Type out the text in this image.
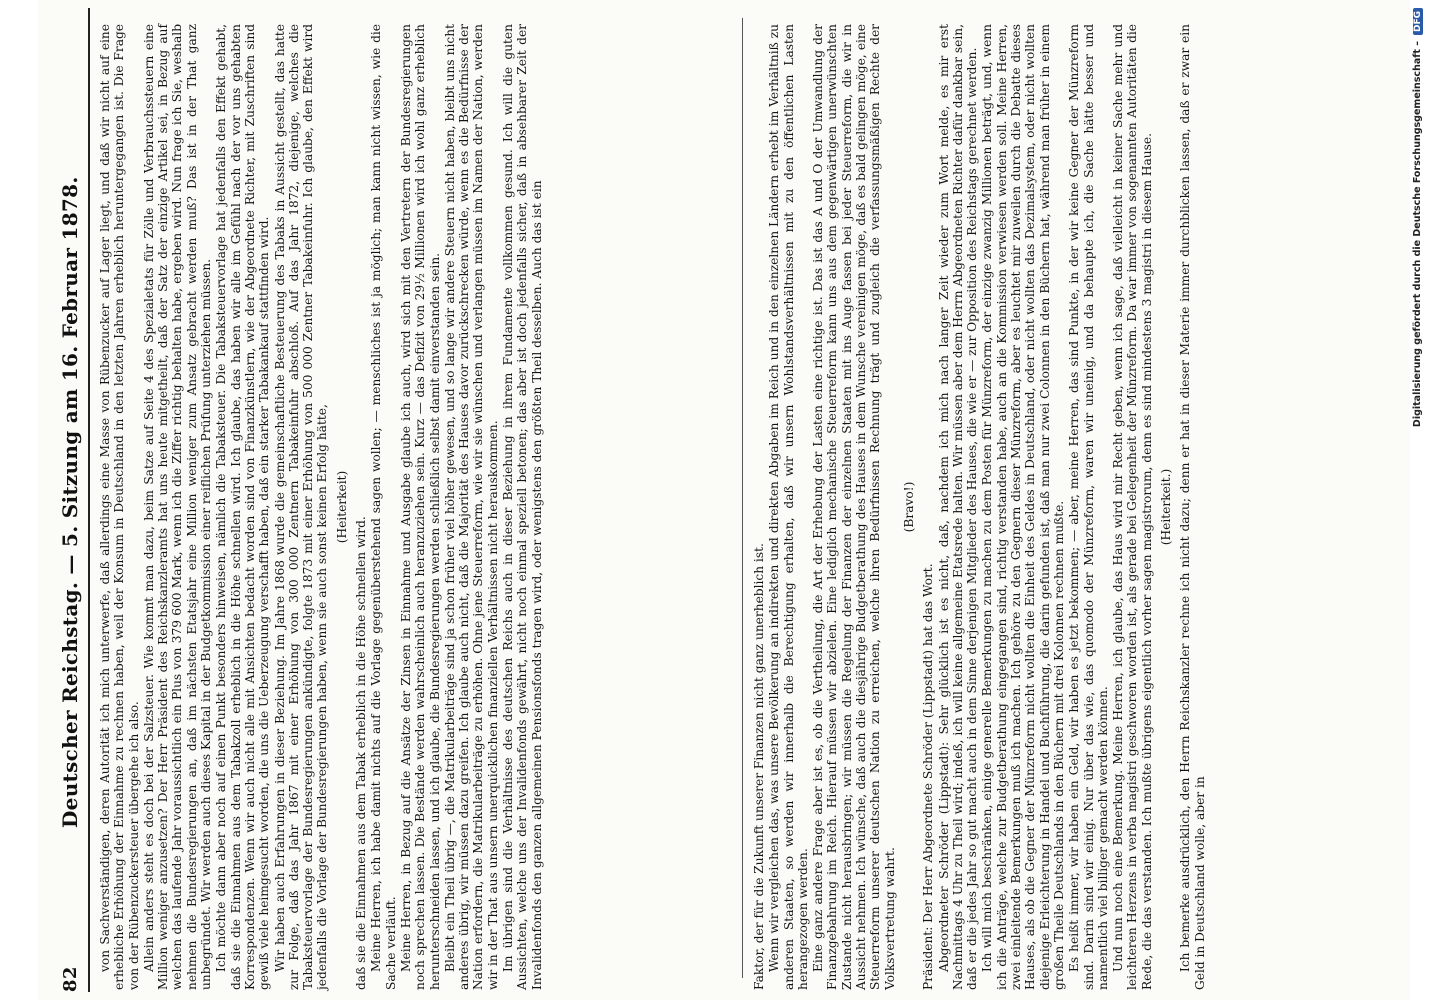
82
Deutscher Reichstag. — 5. Sitzung am 16. Februar 1878. von Sachverständigen, deren Autorität ich mich unterwerfe, daß allerdings eine Masse von Rübenzucker auf Lager liegt, und daß wir nicht auf eine erhebliche Erhöhung der Einnahme zu rechnen haben, weil der Konsum in Deutschland in den letzten Jahren erheblich heruntergegangen ist. Die Frage von der Rübenzuckersteuer übergehe ich also. Allein anders steht es doch bei der Salzsteuer. Wie kommt man dazu, beim Satze auf Seite 4 des Spezialetats für Zölle und Verbrauchssteuern eine Million weniger anzusetzen? Der Herr Präsident des Reichskanzleramts hat uns heute mitgetheilt, daß der Satz der einzige Artikel sei, in Bezug auf welchen das laufende Jahr voraussichtlich ein Plus von 379 600 Mark, wenn ich die Ziffer richtig behalten habe, ergeben wird. Nun frage ich Sie, weshalb nehmen die Bundesregierungen an, daß im nächsten Etatsjahr eine Million weniger zum Ansatz gebracht werden muß? Das ist in der That ganz unbegründet. Wir werden auch dieses Kapital in der Budgetkommission einer reiflichen Prüfung unterziehen müssen. Ich möchte dann aber noch auf einen Punkt besonders hinweisen, nämlich die Tabaksteuer. Die Tabaksteuervorlage hat jedenfalls den Effekt gehabt, daß sie die Einnahmen aus dem Tabakzoll erheblich in die Höhe schnellen wird. Ich glaube, das haben wir alle im Gefühl nach der vor uns gehabten Korrespondenzen. Wenn wir auch nicht alle mit Ansichten bedacht worden sind von Finanzkünstlern, wie der Abgeordnete Richter, mit Zuschriften sind gewiß viele heimgesucht worden, die uns die Ueberzeugung verschafft haben, daß ein starker Tabakankauf stattfinden wird. Wir haben auch Erfahrungen in dieser Beziehung. Im Jahre 1868 wurde die gemeinschaftliche Besteuerung des Tabaks in Aussicht gestellt, das hatte zur Folge, daß das Jahr 1867 mit einer Erhöhung von 300 000 Zentnern Tabakeinfuhr abschloß. Auf das Jahr 1872, diejenige, welches die Tabaksteuervorlage der Bundesregierungen ankündigte, folgte 1873 mit einer Erhöhung von 500 000 Zentner Tabakeinfuhr. Ich glaube, den Effekt wird jedenfalls die Vorlage der Bundesregierungen haben, wenn sie auch sonst keinen Erfolg hätte, (Heiterkeit)

daß sie die Einnahmen aus dem Tabak erheblich in die Höhe schnellen wird. Meine Herren, ich habe damit nichts auf die Vorlage gegenüberstehend sagen wollen; — menschliches ist ja möglich; man kann nicht wissen, wie die Sache verläuft. Meine Herren, in Bezug auf die Ansätze der Zinsen in Einnahme und Ausgabe glaube ich auch, wird sich mit den Vertretern der Bundesregierungen noch sprechen lassen. Die Bestände werden wahrscheinlich auch heranzuziehen sein. Kurz — das Defizit von 29½ Millionen wird ich wohl ganz erheblich herunterschneiden lassen, und ich glaube, die Bundesregierungen werden schließlich selbst damit einverstanden sein. Bleibt ein Theil übrig —, die Matrikularbeiträge sind ja schon früher viel höher gewesen, und so lange wir andere Steuern nicht haben, bleibt uns nicht anderes übrig, wir müssen dazu greifen. Ich glaube auch nicht, daß die Majorität des Hauses davor zurückschrecken würde, wenn es die Bedürfnisse der Nation erfordern, die Matrikularbeiträge zu erhöhen. Ohne jene Steuerreform, wie wir sie wünschen und verlangen müssen im Namen der Nation, werden wir in der That aus unsern unerquicklichen finanziellen Verhältnissen nicht herauskommen. Im übrigen sind die Verhältnisse des deutschen Reichs auch in dieser Beziehung in ihrem Fundamente vollkommen gesund. Ich will die guten Aussichten, welche uns der Invalidenfonds gewährt, nicht noch einmal speziell betonen; das aber ist doch jedenfalls sicher, daß in absehbarer Zeit der Invalidenfonds den ganzen allgemeinen Pensionsfonds tragen wird, oder wenigstens den größten Theil desselben. Auch das ist ein	Faktor, der für die Zukunft unserer Finanzen nicht ganz unerheblich ist. Wenn wir vergleichen das, was unsere Bevölkerung an indirekten und direkten Abgaben im Reich und in den einzelnen Ländern erhebt im Verhältniß zu anderen Staaten, so werden wir innerhalb die Berechtigung erhalten, daß wir unsern Wohlstandsverhältnissen mit zu den öffentlichen Lasten herangezogen werden. Eine ganz andere Frage aber ist es, ob die Vertheilung, die Art der Erhebung der Lasten eine richtige ist. Das ist das A und O der Umwandlung der Finanzgebahrung im Reich. Hierauf müssen wir abzielen. Eine lediglich mechanische Steuerreform kann uns aus dem gegenwärtigen unerwünschten Zustande nicht herausbringen; wir müssen die Regelung der Finanzen der einzelnen Staaten mit ins Auge fassen bei jeder Steuerreform, die wir in Aussicht nehmen. Ich wünsche, daß auch die diesjährige Budgetberathung des Hauses in dem Wunsche vereinigen möge, daß es bald gelingen möge, eine Steuerreform unserer deutschen Nation zu erreichen, welche ihren Bedürfnissen Rechnung trägt und zugleich die verfassungsmäßigen Rechte der Volksvertretung wahrt.

(Bravo!)

Präsident: Der Herr Abgeordnete Schröder (Lippstadt) hat das Wort. Abgeordneter Schröder (Lippstadt): Sehr glücklich ist es nicht, daß, nachdem ich mich nach langer Zeit wieder zum Wort melde, es mir erst Nachmittags 4 Uhr zu Theil wird; indeß, ich will keine allgemeine Etatsrede halten. Wir müssen aber dem Herrn Abgeordneten Richter dafür dankbar sein, daß er die jedes Jahr so gut macht auch in dem Sinne derjenigen Mitglieder des Hauses, die wie er — zur Opposition des Reichstags gerechnet werden. Ich will mich beschränken, einige generelle Bemerkungen zu machen zu dem Posten für Münzreform, der einzige zwanzig Millionen beträgt, und, wenn ich die Anträge, welche zur Budgetberathung eingegangen sind, richtig verstanden habe, auch an die Kommission verwiesen werden soll. Meine Herren, zwei einleitende Bemerkungen muß ich machen. Ich gehöre zu den Gegnern dieser Münzreform, aber es leuchtet mir zuweilen durch die Debatte dieses Hauses, als ob die Gegner der Münzreform nicht wollten die Einheit des Geldes in Deutschland, oder nicht wollten das Dezimalsystem, oder nicht wollten diejenige Erleichterung in Handel und Buchführung, die darin gefunden ist, daß man nur zwei Colonnen in den Büchern hat, während man früher in einem großen Theile Deutschlands in den Büchern mit drei Kolonnen rechnen mußte. Es heißt immer, wir haben ein Geld, wir haben es jetzt bekommen; — aber, meine Herren, das sind Punkte, in der wir keine Gegner der Münzreform sind. Darin sind wir einig. Nur über das wie, das quomodo der Münzreform, waren wir uneinig, und da behaupte ich, die Sache hätte besser und namentlich viel billiger gemacht werden können. Und nun noch eine Bemerkung. Meine Herren, ich glaube, das Haus wird mir Recht geben, wenn ich sage, daß vielleicht in keiner Sache mehr und leichteren Herzens in verba magistri geschworen worden ist, als gerade bei Gelegenheit der Münzreform. Da war immer von sogenannten Autoritäten die Rede, die das verstanden. Ich mußte übrigens eigentlich vorher sagen magistrorum, denn es sind mindestens 3 magistri in diesem Hause. (Heiterkeit.) Ich bemerke ausdrücklich, den Herrn Reichskanzler rechne ich nicht dazu; denn er hat in dieser Materie immer durchblicken lassen, daß er zwar ein Geld in Deutschland wolle, aber in

Digitalisierung gefördert durch die Deutsche Forschungsgemeinschaft –
DFG
